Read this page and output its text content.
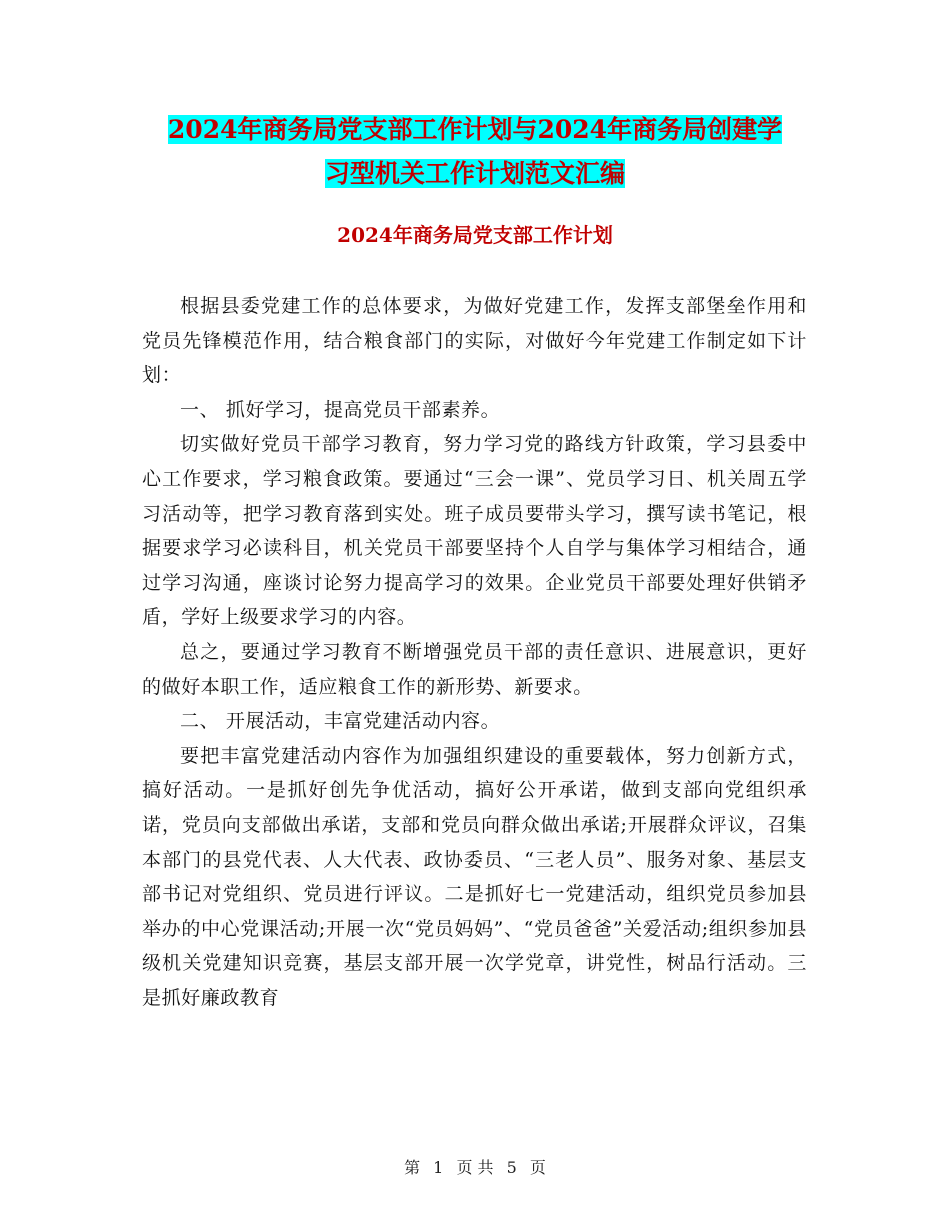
2024年商务局党支部工作计划与2024年商务局创建学
习型机关工作计划范文汇编
2024年商务局党支部工作计划

根据县委党建工作的总体要求，为做好党建工作，发挥支部堡垒作用和党员先锋模范作用，结合粮食部门的实际，对做好今年党建工作制定如下计划：

一、 抓好学习，提高党员干部素养。

切实做好党员干部学习教育，努力学习党的路线方针政策，学习县委中心工作要求，学习粮食政策。要通过“三会一课”、党员学习日、机关周五学习活动等，把学习教育落到实处。班子成员要带头学习，撰写读书笔记，根据要求学习必读科目，机关党员干部要坚持个人自学与集体学习相结合，通过学习沟通，座谈讨论努力提高学习的效果。企业党员干部要处理好供销矛盾，学好上级要求学习的内容。

总之，要通过学习教育不断增强党员干部的责任意识、进展意识，更好的做好本职工作，适应粮食工作的新形势、新要求。

二、 开展活动，丰富党建活动内容。

要把丰富党建活动内容作为加强组织建设的重要载体，努力创新方式，搞好活动。一是抓好创先争优活动，搞好公开承诺，做到支部向党组织承诺，党员向支部做出承诺，支部和党员向群众做出承诺;开展群众评议，召集本部门的县党代表、人大代表、政协委员、“三老人员”、服务对象、基层支部书记对党组织、党员进行评议。二是抓好七一党建活动，组织党员参加县举办的中心党课活动;开展一次“党员妈妈”、“党员爸爸”关爱活动;组织参加县级机关党建知识竞赛，基层支部开展一次学党章，讲党性，树品行活动。三是抓好廉政教育

第 1 页 共 5 页
